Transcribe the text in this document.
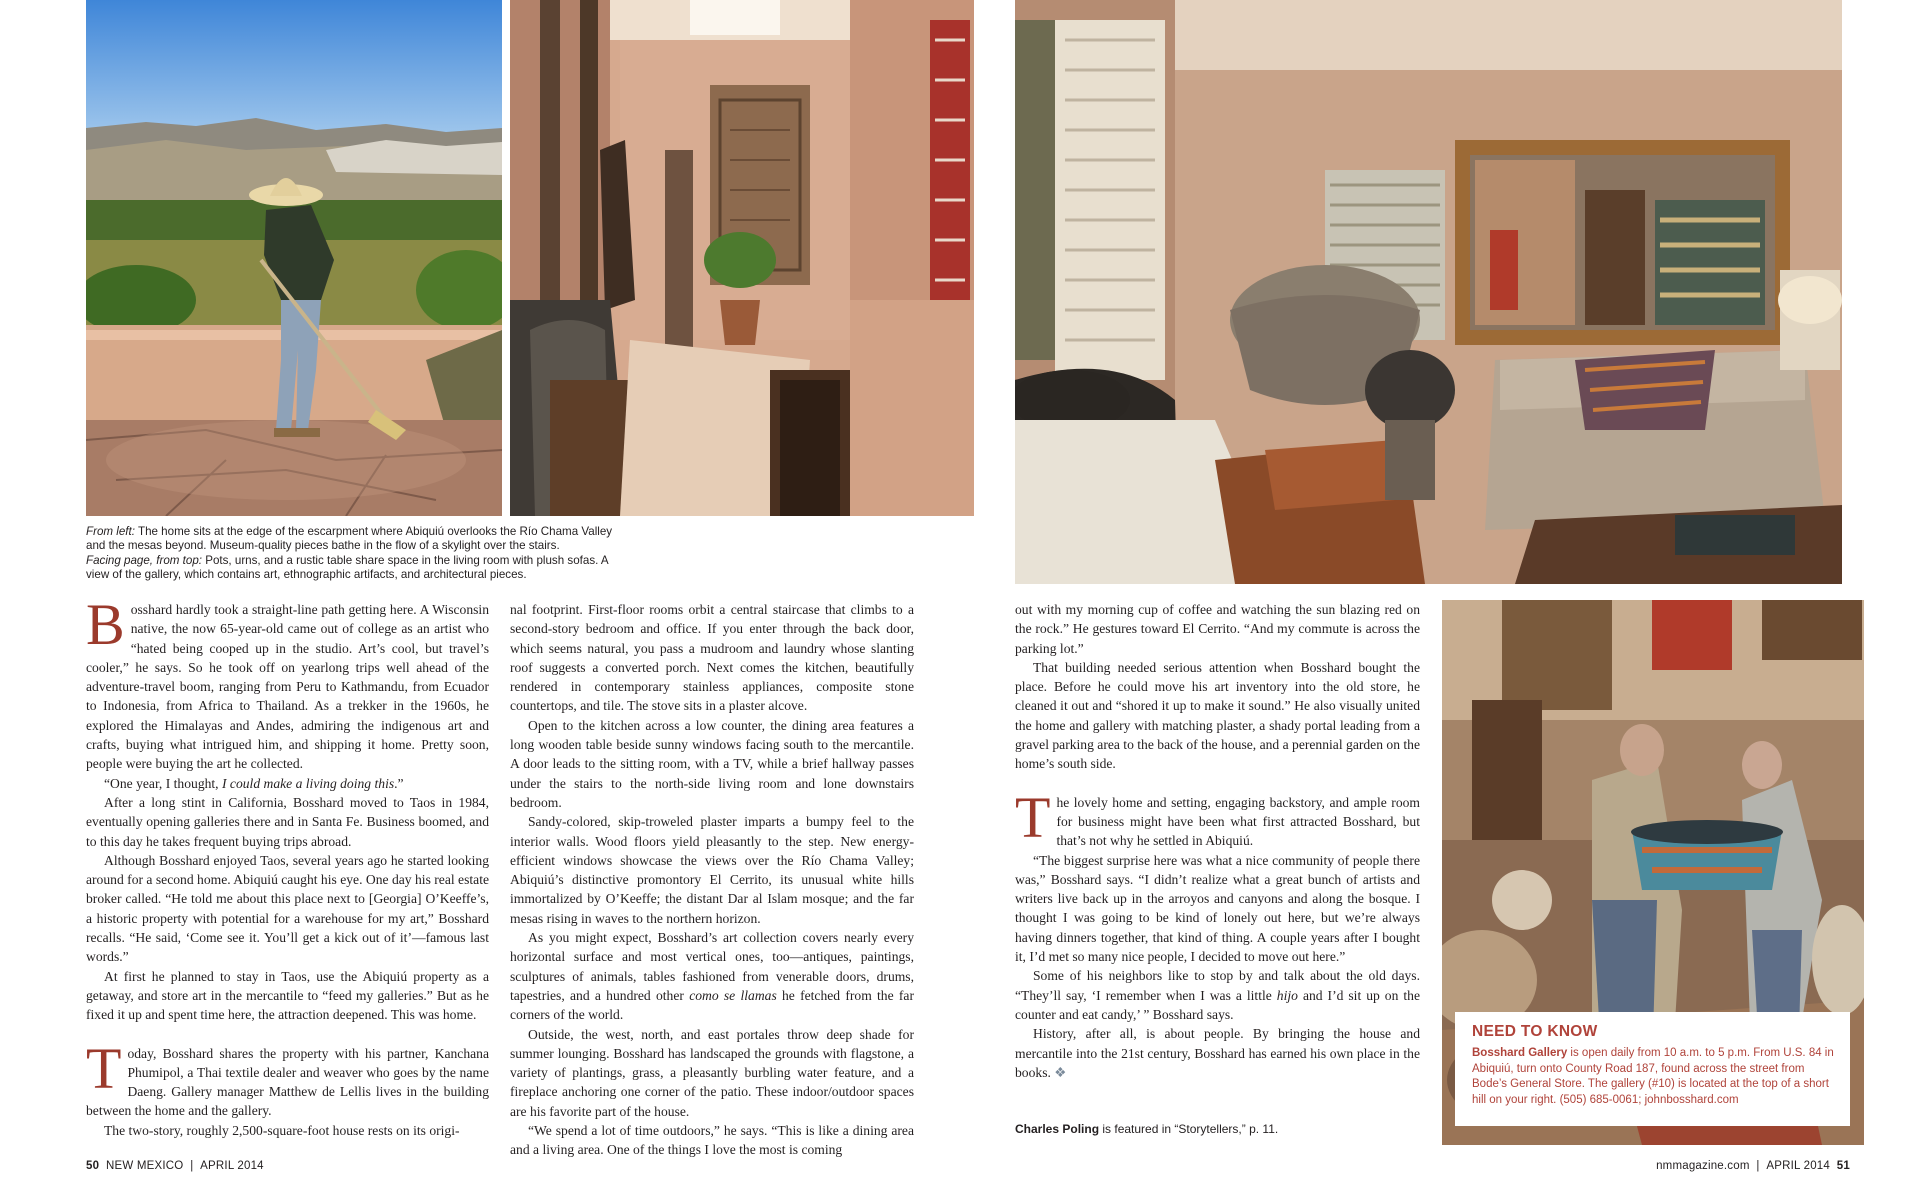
NEED TO KNOW
Bosshard Gallery is open daily from 10 a.m. to 5 p.m. From U.S. 84 in Abiquiú, turn onto County Road 187, found across the street from Bode’s General Store. The gallery (#10) is located at the top of a short hill on your right. (505) 685-0061; johnbosshard.com

From left: The home sits at the edge of the escarpment where Abiquiú overlooks the Río Chama Valley and the mesas beyond. Museum-quality pieces bathe in the flow of a skylight over the stairs.

Facing page, from top: Pots, urns, and a rustic table share space in the living room with plush sofas. A view of the gallery, which contains art, ethnographic artifacts, and architectural pieces.

Bosshard hardly took a straight-line path getting here. A Wisconsin native, the now 65-year-old came out of college as an artist who “hated being cooped up in the studio. Art’s cool, but travel’s cooler,” he says. So he took off on yearlong trips well ahead of the adventure-travel boom, ranging from Peru to Kathmandu, from Ecuador to Indonesia, from Africa to Thailand. As a trekker in the 1960s, he explored the Himalayas and Andes, admiring the indigenous art and crafts, buying what intrigued him, and shipping it home. Pretty soon, people were buying the art he collected.

“One year, I thought, I could make a living doing this.”

After a long stint in California, Bosshard moved to Taos in 1984, eventually opening galleries there and in Santa Fe. Business boomed, and to this day he takes frequent buying trips abroad.

Although Bosshard enjoyed Taos, several years ago he started looking around for a second home. Abiquiú caught his eye. One day his real estate broker called. “He told me about this place next to [Georgia] O’Keeffe’s, a historic property with potential for a warehouse for my art,” Bosshard recalls. “He said, ‘Come see it. You’ll get a kick out of it’—famous last words.”

At first he planned to stay in Taos, use the Abiquiú property as a getaway, and store art in the mercantile to “feed my galleries.” But as he fixed it up and spent time here, the attraction deepened. This was home.

Today, Bosshard shares the property with his partner, Kanchana Phumipol, a Thai textile dealer and weaver who goes by the name Daeng. Gallery manager Matthew de Lellis lives in the building between the home and the gallery.

The two-story, roughly 2,500-square-foot house rests on its origi-

nal footprint. First-floor rooms orbit a central staircase that climbs to a second-story bedroom and office. If you enter through the back door, which seems natural, you pass a mudroom and laundry whose slanting roof suggests a converted porch. Next comes the kitchen, beautifully rendered in contemporary stainless appliances, composite stone countertops, and tile. The stove sits in a plaster alcove.

Open to the kitchen across a low counter, the dining area features a long wooden table beside sunny windows facing south to the mercantile. A door leads to the sitting room, with a TV, while a brief hallway passes under the stairs to the north-side living room and lone downstairs bedroom.

Sandy-colored, skip-troweled plaster imparts a bumpy feel to the interior walls. Wood floors yield pleasantly to the step. New energy-efficient windows showcase the views over the Río Chama Valley; Abiquiú’s distinctive promontory El Cerrito, its unusual white hills immortalized by O’Keeffe; the distant Dar al Islam mosque; and the far mesas rising in waves to the northern horizon.

As you might expect, Bosshard’s art collection covers nearly every horizontal surface and most vertical ones, too—antiques, paintings, sculptures of animals, tables fashioned from venerable doors, drums, tapestries, and a hundred other como se llamas he fetched from the far corners of the world.

Outside, the west, north, and east portales throw deep shade for summer lounging. Bosshard has landscaped the grounds with flagstone, a variety of plantings, grass, a pleasantly burbling water feature, and a fireplace anchoring one corner of the patio. These indoor/outdoor spaces are his favorite part of the house.

“We spend a lot of time outdoors,” he says. “This is like a dining area and a living area. One of the things I love the most is coming

out with my morning cup of coffee and watching the sun blazing red on the rock.” He gestures toward El Cerrito. “And my commute is across the parking lot.”

That building needed serious attention when Bosshard bought the place. Before he could move his art inventory into the old store, he cleaned it out and “shored it up to make it sound.” He also visually united the home and gallery with matching plaster, a shady portal leading from a gravel parking area to the back of the house, and a perennial garden on the home’s south side.

The lovely home and setting, engaging backstory, and ample room for business might have been what first attracted Bosshard, but that’s not why he settled in Abiquiú.

“The biggest surprise here was what a nice community of people there was,” Bosshard says. “I didn’t realize what a great bunch of artists and writers live back up in the arroyos and canyons and along the bosque. I thought I was going to be kind of lonely out here, but we’re always having dinners together, that kind of thing. A couple years after I bought it, I’d met so many nice people, I decided to move out here.”

Some of his neighbors like to stop by and talk about the old days. “They’ll say, ‘I remember when I was a little hijo and I’d sit up on the counter and eat candy,’ ” Bosshard says.

History, after all, is about people. By bringing the house and mercantile into the 21st century, Bosshard has earned his own place in the books. ❖

Charles Poling is featured in “Storytellers,” p. 11.
50 NEW MEXICO | APRIL 2014	nmmagazine.com | APRIL 2014 51
